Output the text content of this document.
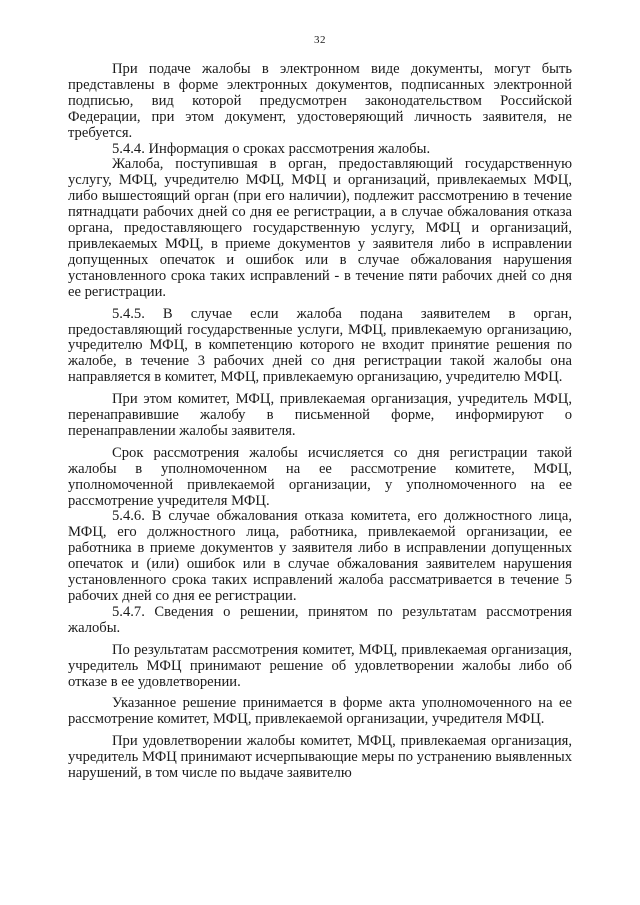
32

При подаче жалобы в электронном виде документы, могут быть представлены в форме электронных документов, подписанных электронной подписью, вид которой предусмотрен законодательством Российской Федерации, при этом документ, удостоверяющий личность заявителя, не требуется.

5.4.4. Информация о сроках рассмотрения жалобы.

Жалоба, поступившая в орган, предоставляющий государственную услугу, МФЦ, учредителю МФЦ, МФЦ и организаций, привлекаемых МФЦ, либо вышестоящий орган (при его наличии), подлежит рассмотрению в течение пятнадцати рабочих дней со дня ее регистрации, а в случае обжалования отказа органа, предоставляющего государственную услугу, МФЦ и организаций, привлекаемых МФЦ, в приеме документов у заявителя либо в исправлении допущенных опечаток и ошибок или в случае обжалования нарушения установленного срока таких исправлений - в течение пяти рабочих дней со дня ее регистрации.

5.4.5. В случае если жалоба подана заявителем в орган, предоставляющий государственные услуги, МФЦ, привлекаемую организацию, учредителю МФЦ, в компетенцию которого не входит принятие решения по жалобе, в течение 3 рабочих дней со дня регистрации такой жалобы она направляется в комитет, МФЦ, привлекаемую организацию, учредителю МФЦ.

При этом комитет, МФЦ, привлекаемая организация, учредитель МФЦ, перенаправившие жалобу в письменной форме, информируют о перенаправлении жалобы заявителя.

Срок рассмотрения жалобы исчисляется со дня регистрации такой жалобы в уполномоченном на ее рассмотрение комитете, МФЦ, уполномоченной привлекаемой организации, у уполномоченного на ее рассмотрение учредителя МФЦ.

5.4.6. В случае обжалования отказа комитета, его должностного лица, МФЦ, его должностного лица, работника, привлекаемой организации, ее работника в приеме документов у заявителя либо в исправлении допущенных опечаток и (или) ошибок или в случае обжалования заявителем нарушения установленного срока таких исправлений жалоба рассматривается в течение 5 рабочих дней со дня ее регистрации.

5.4.7. Сведения о решении, принятом по результатам рассмотрения жалобы.

По результатам рассмотрения комитет, МФЦ, привлекаемая организация, учредитель МФЦ принимают решение об удовлетворении жалобы либо об отказе в ее удовлетворении.

Указанное решение принимается в форме акта уполномоченного на ее рассмотрение комитет, МФЦ, привлекаемой организации, учредителя МФЦ.

При удовлетворении жалобы комитет, МФЦ, привлекаемая организация, учредитель МФЦ принимают исчерпывающие меры по устранению выявленных нарушений, в том числе по выдаче заявителю
